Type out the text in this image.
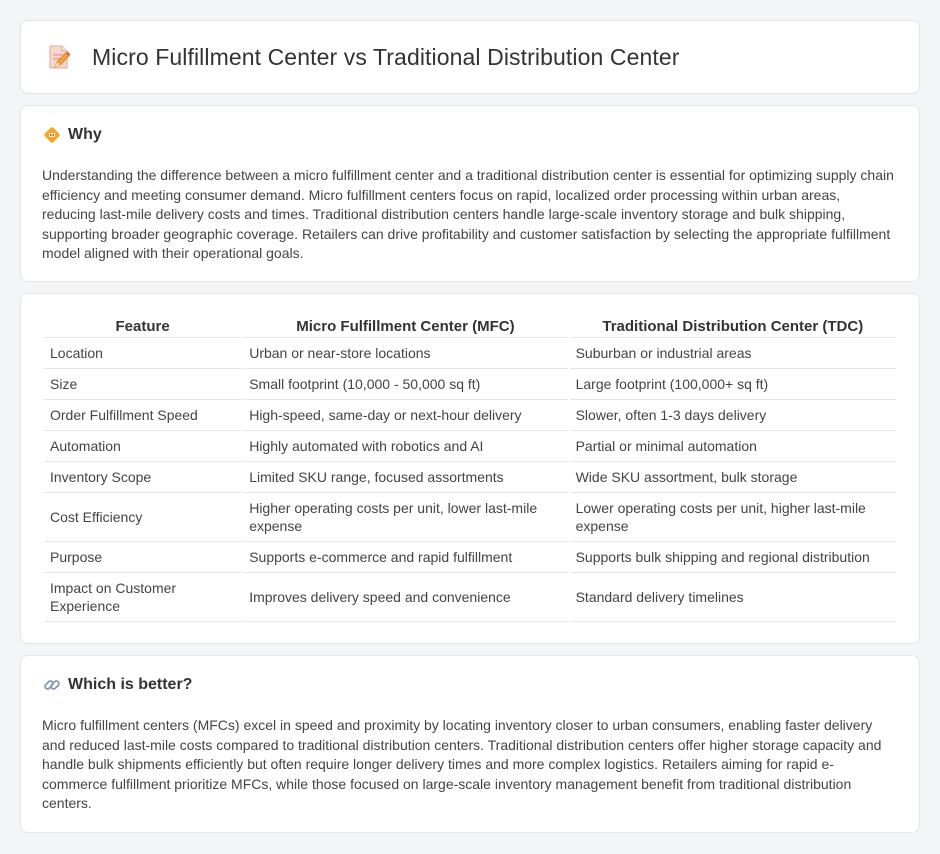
Micro Fulfillment Center vs Traditional Distribution Center
Why

Understanding the difference between a micro fulfillment center and a traditional distribution center is essential for optimizing supply chain efficiency and meeting consumer demand. Micro fulfillment centers focus on rapid, localized order processing within urban areas, reducing last-mile delivery costs and times. Traditional distribution centers handle large-scale inventory storage and bulk shipping, supporting broader geographic coverage. Retailers can drive profitability and customer satisfaction by selecting the appropriate fulfillment model aligned with their operational goals.

Feature	Micro Fulfillment Center (MFC)	Traditional Distribution Center (TDC)
Location	Urban or near-store locations	Suburban or industrial areas
Size	Small footprint (10,000 - 50,000 sq ft)	Large footprint (100,000+ sq ft)
Order Fulfillment Speed	High-speed, same-day or next-hour delivery	Slower, often 1-3 days delivery
Automation	Highly automated with robotics and AI	Partial or minimal automation
Inventory Scope	Limited SKU range, focused assortments	Wide SKU assortment, bulk storage
Cost Efficiency	Higher operating costs per unit, lower last-mile expense	Lower operating costs per unit, higher last-mile expense
Purpose	Supports e-commerce and rapid fulfillment	Supports bulk shipping and regional distribution
Impact on Customer Experience	Improves delivery speed and convenience	Standard delivery timelines
Which is better?

Micro fulfillment centers (MFCs) excel in speed and proximity by locating inventory closer to urban consumers, enabling faster delivery and reduced last-mile costs compared to traditional distribution centers. Traditional distribution centers offer higher storage capacity and handle bulk shipments efficiently but often require longer delivery times and more complex logistics. Retailers aiming for rapid e-commerce fulfillment prioritize MFCs, while those focused on large-scale inventory management benefit from traditional distribution centers.
